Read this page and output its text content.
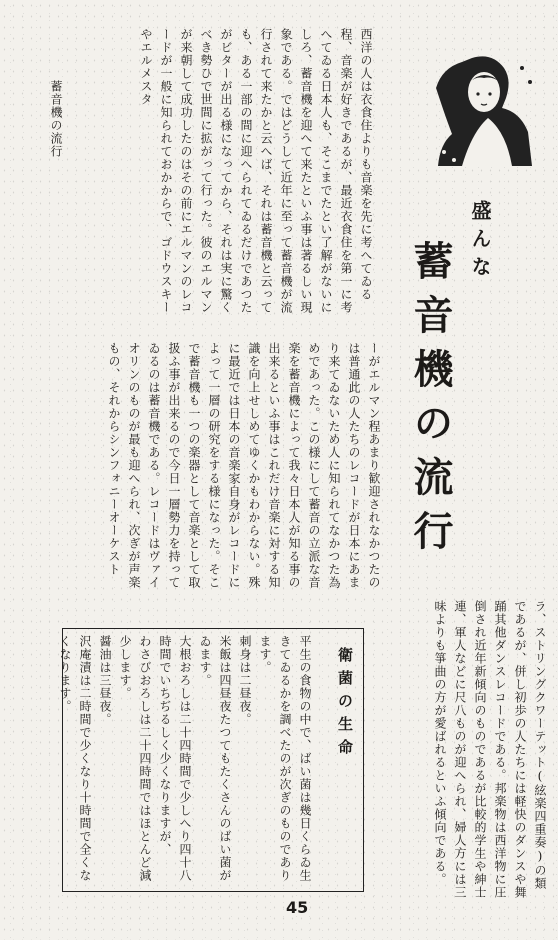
盛んな
蓄音機の流行
西洋の人は衣食住よりも音楽を先に考へてゐる程、音楽が好きであるが、最近衣食住を第一に考へてゐる日本人も、そこまでたとい了解がないにしろ、蓄音機を迎へて来たといふ事は著るしい現象である。ではどうして近年に至って蓄音機が流行されて来たかと云へば、それは蓄音機と云っても、ある一部の間に迎へられてゐるだけであつたがビターが出る様になってから、それは実に驚くべき勢ひで世間に拡がって行った。彼のエルマンが来朝して成功したのはその前にエルマンのレコードが一般に知られておかからで、ゴドウスキーやエルメスタ
蓄音機の流行
ーがエルマン程あまり歓迎されなかつたのは普通此の人たちのレコードが日本にあまり来てゐないため人に知られてなかつた為めであった。この様にして蓄音の立派な音楽を蓄音機によって我々日本人が知る事の出来るといふ事はこれだけ音楽に対する知識を向上せしめてゆくかもわからない。殊に最近では日本の音楽家自身がレコードによって一層の研究をする様になった。そこで蓄音機も一つの楽器として音楽として取扱ふ事が出来るので今日一層勢力を持ってゐるのは蓄音機である。レコードはヴァイオリンのものが最も迎へられ、次ぎが声楽もの、それからシンフォニーオーケスト
ラ、ストリングクワーテット(絃楽四重奏)の類であるが、併し初歩の人たちには軽快のダンスや舞踊其他ダンスレコードである。邦楽物は西洋物に圧倒され近年新傾向のものであるが比較的学生や紳士連、軍人などに尺八ものが迎へられ、婦人方には三味よりも箏曲の方が愛ばれるといふ傾向である。
衛菌の生命
平生の食物の中で、ばい菌は幾日くらゐ生きてゐるかを調べたのが次ぎのものであります。
刺身は二昼夜。
米飯は四昼夜たつてもたくさんのばい菌がゐます。
大根おろしは二十四時間で少しへり四十八時間でいちぢるしく少くなりますが、
わさびおろしは二十四時間ではほとんど減少します。
醤油は三昼夜。
沢庵漬は二時間で少くなり十時間で全くなくなります。
45
